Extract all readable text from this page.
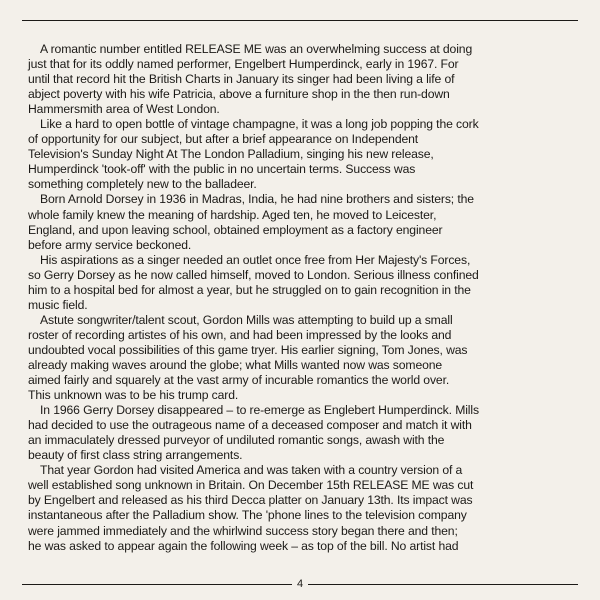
A romantic number entitled RELEASE ME was an overwhelming success at doing
just that for its oddly named performer, Engelbert Humperdinck, early in 1967. For
until that record hit the British Charts in January its singer had been living a life of
abject poverty with his wife Patricia, above a furniture shop in the then run-down
Hammersmith area of West London.

Like a hard to open bottle of vintage champagne, it was a long job popping the cork
of opportunity for our subject, but after a brief appearance on Independent
Television's Sunday Night At The London Palladium, singing his new release,
Humperdinck 'took-off' with the public in no uncertain terms. Success was
something completely new to the balladeer.

Born Arnold Dorsey in 1936 in Madras, India, he had nine brothers and sisters; the
whole family knew the meaning of hardship. Aged ten, he moved to Leicester,
England, and upon leaving school, obtained employment as a factory engineer
before army service beckoned.

His aspirations as a singer needed an outlet once free from Her Majesty's Forces,
so Gerry Dorsey as he now called himself, moved to London. Serious illness confined
him to a hospital bed for almost a year, but he struggled on to gain recognition in the
music field.

Astute songwriter/talent scout, Gordon Mills was attempting to build up a small
roster of recording artistes of his own, and had been impressed by the looks and
undoubted vocal possibilities of this game tryer. His earlier signing, Tom Jones, was
already making waves around the globe; what Mills wanted now was someone
aimed fairly and squarely at the vast army of incurable romantics the world over.
This unknown was to be his trump card.

In 1966 Gerry Dorsey disappeared – to re-emerge as Englebert Humperdinck. Mills
had decided to use the outrageous name of a deceased composer and match it with
an immaculately dressed purveyor of undiluted romantic songs, awash with the
beauty of first class string arrangements.

That year Gordon had visited America and was taken with a country version of a
well established song unknown in Britain. On December 15th RELEASE ME was cut
by Engelbert and released as his third Decca platter on January 13th. Its impact was
instantaneous after the Palladium show. The 'phone lines to the television company
were jammed immediately and the whirlwind success story began there and then;
he was asked to appear again the following week – as top of the bill. No artist had

4
